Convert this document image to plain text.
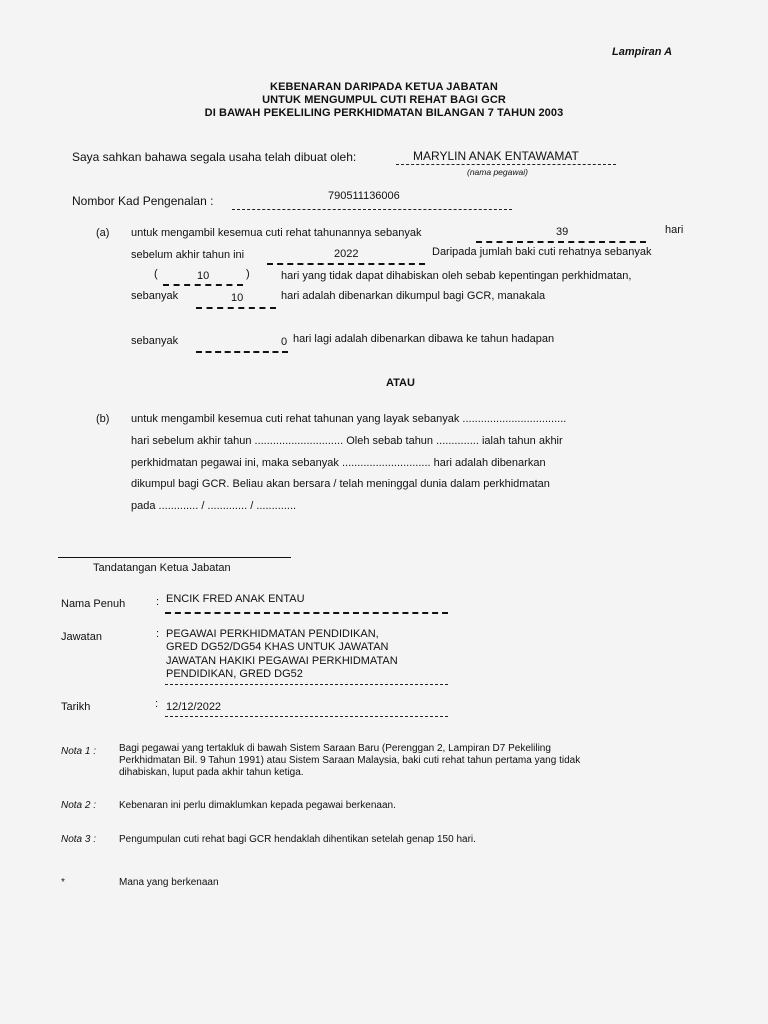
Lampiran A
KEBENARAN DARIPADA KETUA JABATAN
UNTUK MENGUMPUL CUTI REHAT BAGI GCR
DI BAWAH PEKELILING PERKHIDMATAN BILANGAN 7 TAHUN 2003
Saya sahkan bahawa segala usaha telah dibuat oleh:	MARYLIN ANAK ENTAWAMAT
(nama pegawai)
Nombor Kad Pengenalan :	790511136006
(a) untuk mengambil kesemua cuti rehat tahunannya sebanyak	39	hari
sebelum akhir tahun ini	2022	Daripada jumlah baki cuti rehatnya sebanyak
(	10	)	hari yang tidak dapat dihabiskan oleh sebab kepentingan perkhidmatan,
sebanyak	10	hari adalah dibenarkan dikumpul bagi GCR, manakala
sebanyak	0 hari lagi adalah dibenarkan dibawa ke tahun hadapan
ATAU
(b) untuk mengambil kesemua cuti rehat tahunan yang layak sebanyak ..................................
hari sebelum akhir tahun ............................. Oleh sebab tahun .............. ialah tahun akhir
perkhidmatan pegawai ini, maka sebanyak ............................. hari adalah dibenarkan
dikumpul bagi GCR. Beliau akan bersara / telah meninggal dunia dalam perkhidmatan
pada ............. / ............. / .............
Tandatangan Ketua Jabatan
Nama Penuh	: ENCIK FRED ANAK ENTAU
Jawatan	: PEGAWAI PERKHIDMATAN PENDIDIKAN,
GRED DG52/DG54 KHAS UNTUK JAWATAN
JAWATAN HAKIKI PEGAWAI PERKHIDMATAN
PENDIDIKAN, GRED DG52
Tarikh	: 12/12/2022
Nota 1 : Bagi pegawai yang tertakluk di bawah Sistem Saraan Baru (Perenggan 2, Lampiran D7 Pekeliling Perkhidmatan Bil. 9 Tahun 1991) atau Sistem Saraan Malaysia, baki cuti rehat tahun pertama yang tidak dihabiskan, luput pada akhir tahun ketiga.
Nota 2 : Kebenaran ini perlu dimaklumkan kepada pegawai berkenaan.
Nota 3 : Pengumpulan cuti rehat bagi GCR hendaklah dihentikan setelah genap 150 hari.
*	Mana yang berkenaan
